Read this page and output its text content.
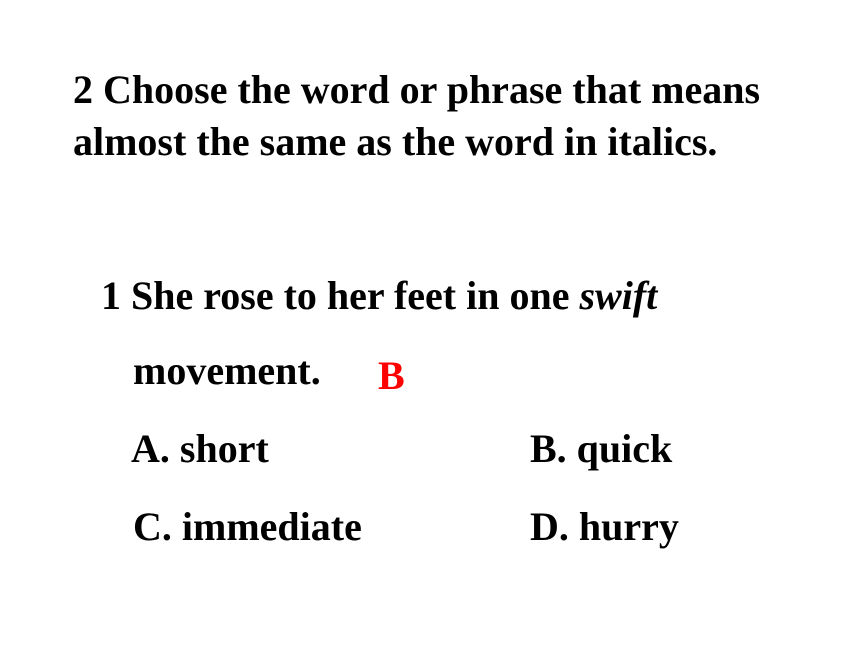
2 Choose the word or phrase that means almost the same as the word in italics.

1 She rose to her feet in one swift

movement. B
A. short	B. quick
C. immediate	D. hurry
